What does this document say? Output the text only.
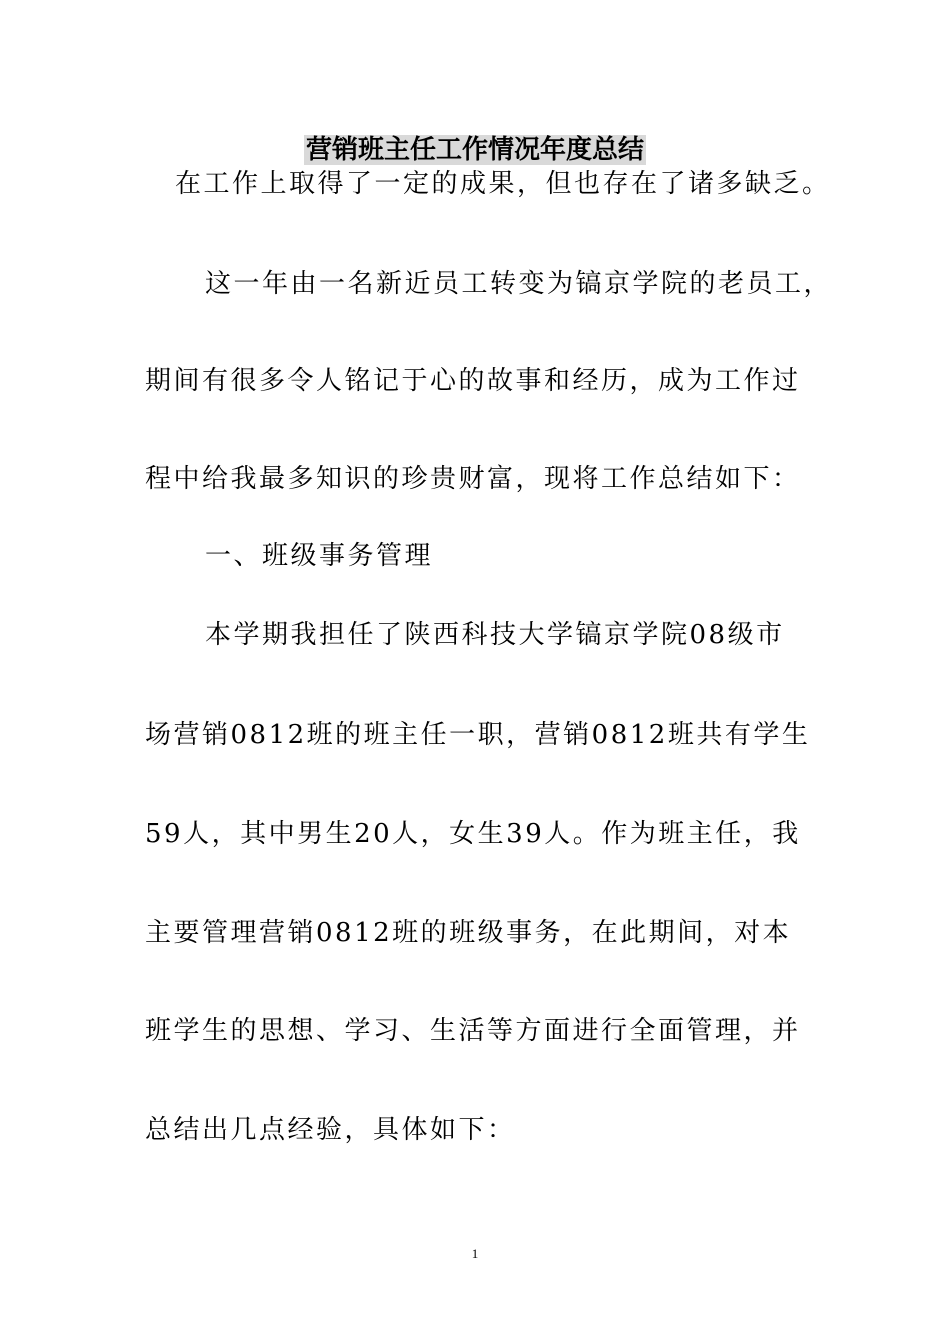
营销班主任工作情况年度总结
在工作上取得了一定的成果，但也存在了诸多缺乏。
这一年由一名新近员工转变为镐京学院的老员工，
期间有很多令人铭记于心的故事和经历，成为工作过
程中给我最多知识的珍贵财富，现将工作总结如下：
一、班级事务管理
本学期我担任了陕西科技大学镐京学院08级市
场营销0812班的班主任一职，营销0812班共有学生
59人，其中男生20人，女生39人。作为班主任，我
主要管理营销0812班的班级事务，在此期间，对本
班学生的思想、学习、生活等方面进行全面管理，并
总结出几点经验，具体如下：
1
